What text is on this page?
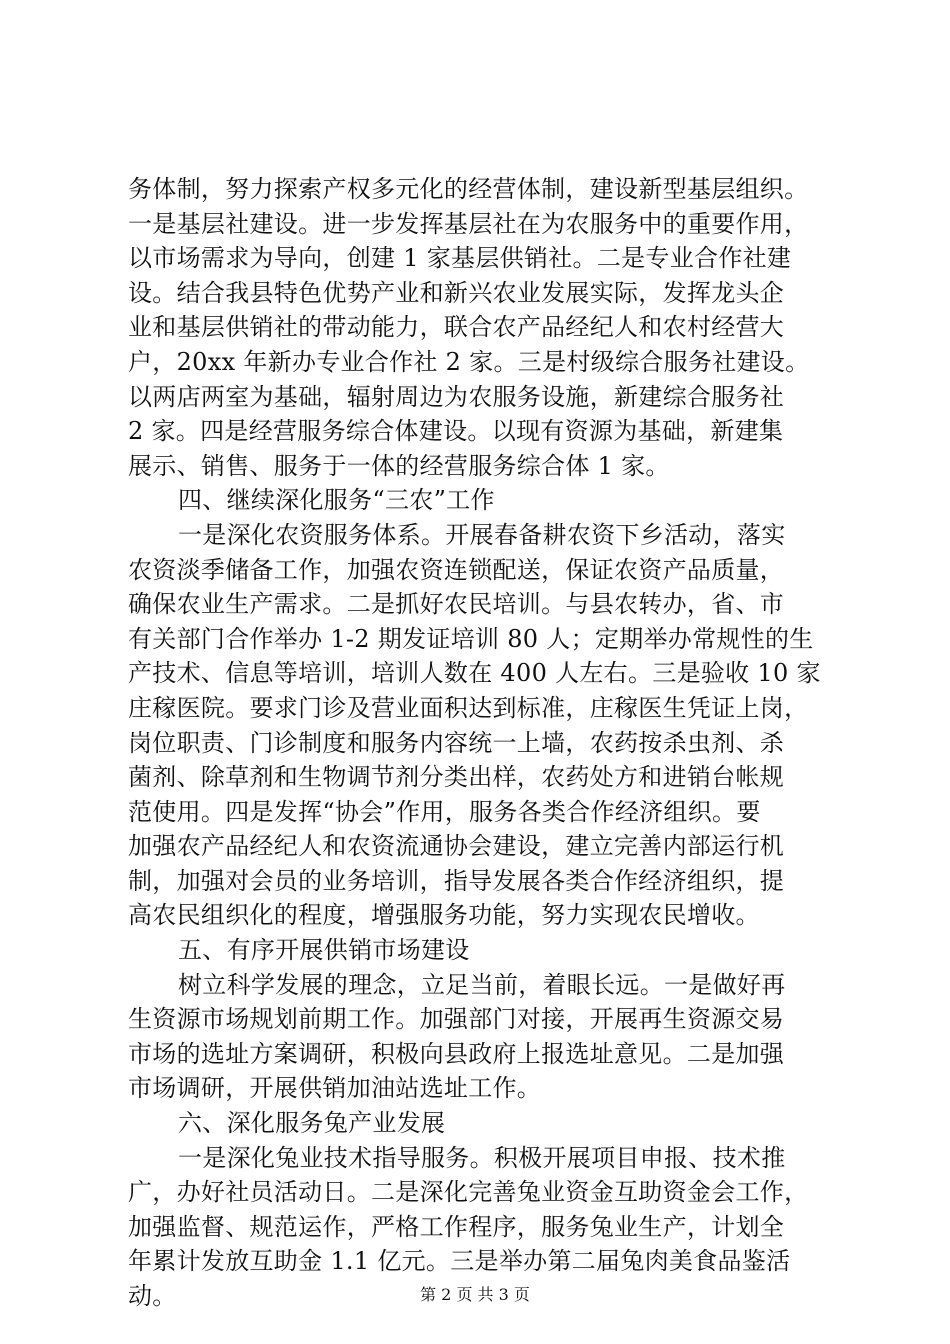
务体制，努力探索产权多元化的经营体制，建设新型基层组织。
一是基层社建设。进一步发挥基层社在为农服务中的重要作用，
以市场需求为导向，创建 1 家基层供销社。二是专业合作社建
设。结合我县特色优势产业和新兴农业发展实际，发挥龙头企
业和基层供销社的带动能力，联合农产品经纪人和农村经营大
户，20xx 年新办专业合作社 2 家。三是村级综合服务社建设。
以两店两室为基础，辐射周边为农服务设施，新建综合服务社
2 家。四是经营服务综合体建设。以现有资源为基础，新建集
展示、销售、服务于一体的经营服务综合体 1 家。
四、继续深化服务“三农”工作
一是深化农资服务体系。开展春备耕农资下乡活动，落实
农资淡季储备工作，加强农资连锁配送，保证农资产品质量，
确保农业生产需求。二是抓好农民培训。与县农转办，省、市
有关部门合作举办 1-2 期发证培训 80 人；定期举办常规性的生
产技术、信息等培训，培训人数在 400 人左右。三是验收 10 家
庄稼医院。要求门诊及营业面积达到标准，庄稼医生凭证上岗，
岗位职责、门诊制度和服务内容统一上墙，农药按杀虫剂、杀
菌剂、除草剂和生物调节剂分类出样，农药处方和进销台帐规
范使用。四是发挥“协会”作用，服务各类合作经济组织。要
加强农产品经纪人和农资流通协会建设，建立完善内部运行机
制，加强对会员的业务培训，指导发展各类合作经济组织，提
高农民组织化的程度，增强服务功能，努力实现农民增收。
五、有序开展供销市场建设
树立科学发展的理念，立足当前，着眼长远。一是做好再
生资源市场规划前期工作。加强部门对接，开展再生资源交易
市场的选址方案调研，积极向县政府上报选址意见。二是加强
市场调研，开展供销加油站选址工作。
六、深化服务兔产业发展
一是深化兔业技术指导服务。积极开展项目申报、技术推
广，办好社员活动日。二是深化完善兔业资金互助资金会工作，
加强监督、规范运作，严格工作程序，服务兔业生产，计划全
年累计发放互助金 1.1 亿元。三是举办第二届兔肉美食品鉴活
动。	第 2 页 共 3 页
